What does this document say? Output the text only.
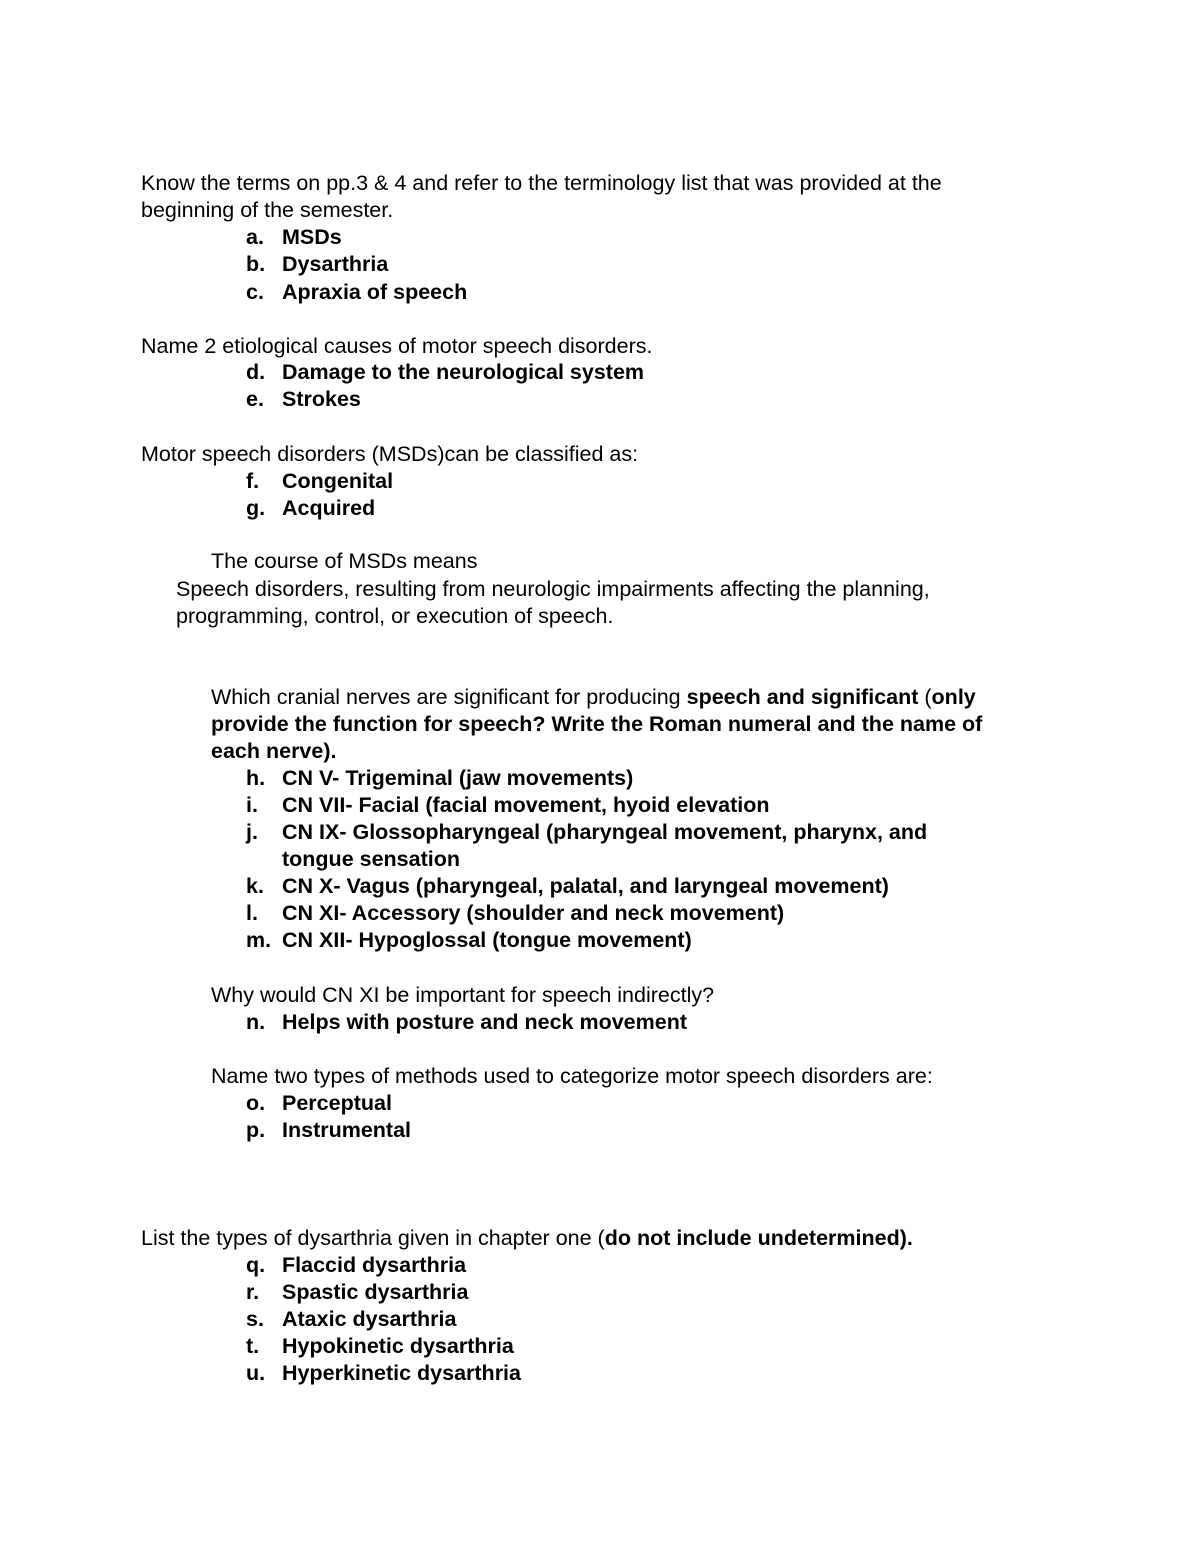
Know the terms on pp.3 & 4 and refer to the terminology list that was provided at the
beginning of the semester.
a. MSDs
b. Dysarthria
c. Apraxia of speech
Name 2 etiological causes of motor speech disorders.
d. Damage to the neurological system
e. Strokes
Motor speech disorders (MSDs)can be classified as:
f. Congenital
g. Acquired
The course of MSDs means
Speech disorders, resulting from neurologic impairments affecting the planning,
programming, control, or execution of speech.
Which cranial nerves are significant for producing speech and significant (only
provide the function for speech? Write the Roman numeral and the name of
each nerve).
h. CN V- Trigeminal (jaw movements)
i. CN VII- Facial (facial movement, hyoid elevation
j. CN IX- Glossopharyngeal (pharyngeal movement, pharynx, and
tongue sensation
k. CN X- Vagus (pharyngeal, palatal, and laryngeal movement)
l. CN XI- Accessory (shoulder and neck movement)
m. CN XII- Hypoglossal (tongue movement)
Why would CN XI be important for speech indirectly?
n. Helps with posture and neck movement
Name two types of methods used to categorize motor speech disorders are:
o. Perceptual
p. Instrumental
List the types of dysarthria given in chapter one (do not include undetermined).
q. Flaccid dysarthria
r. Spastic dysarthria
s. Ataxic dysarthria
t. Hypokinetic dysarthria
u. Hyperkinetic dysarthria
